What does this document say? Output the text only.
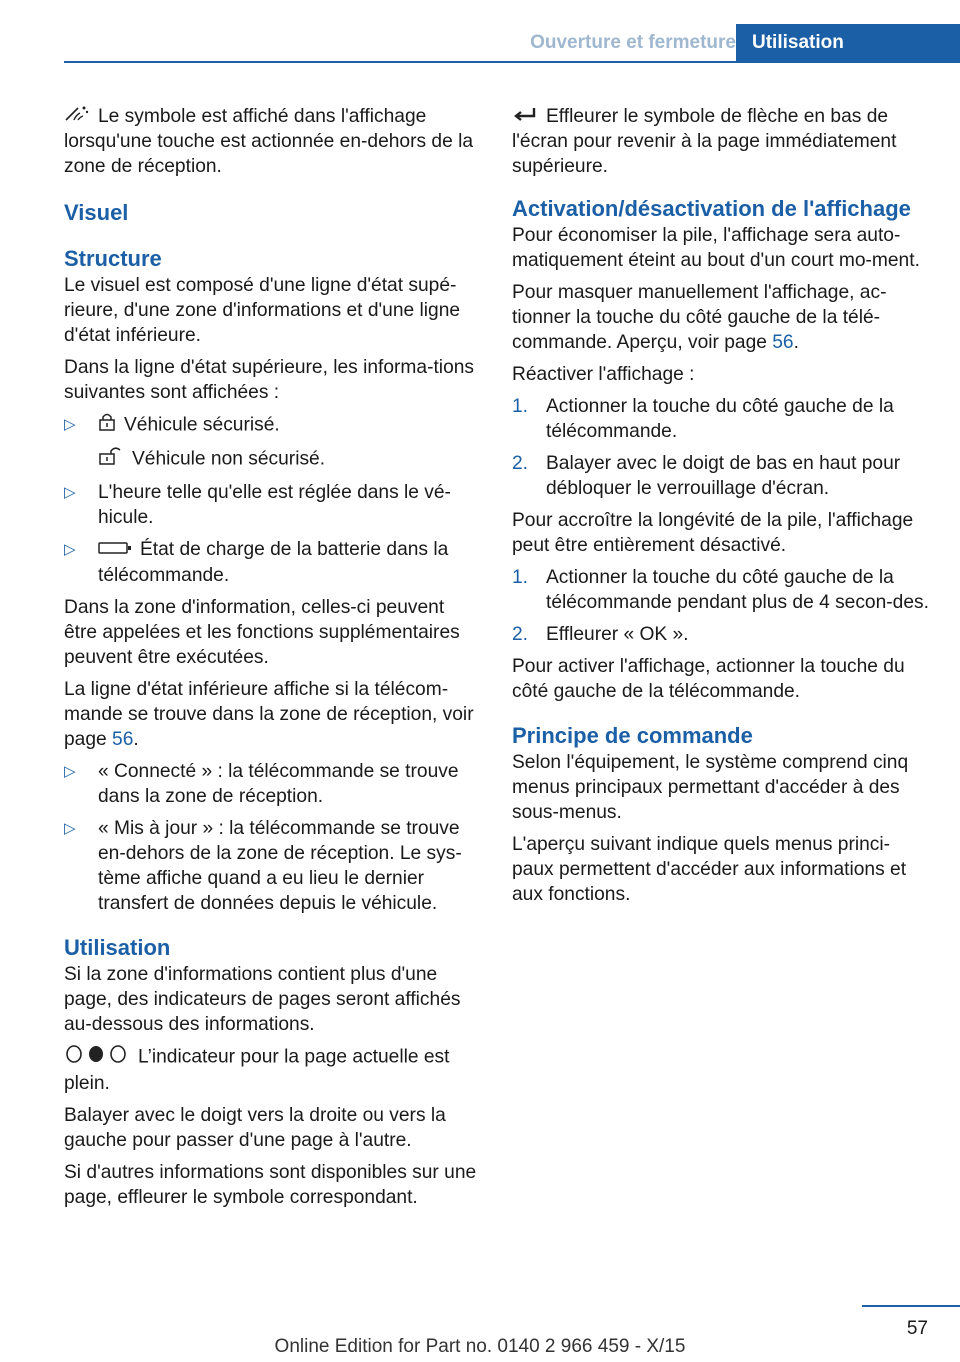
Ouverture et fermeture Utilisation

Le symbole est affiché dans l'affichage lorsqu'une touche est actionnée en-dehors de la zone de réception.

Visuel
Structure

Le visuel est composé d'une ligne d'état supé-rieure, d'une zone d'informations et d'une ligne d'état inférieure.

Dans la ligne d'état supérieure, les informa-tions suivantes sont affichées :

▷	Véhicule sécurisé.
Véhicule non sécurisé.
▷ L'heure telle qu'elle est réglée dans le vé-hicule.
▷	État de charge de la batterie dans la télécommande.

Dans la zone d'information, celles-ci peuvent être appelées et les fonctions supplémentaires peuvent être exécutées.

La ligne d'état inférieure affiche si la télécom-mande se trouve dans la zone de réception, voir page 56.

▷ « Connecté » : la télécommande se trouve dans la zone de réception.
▷ « Mis à jour » : la télécommande se trouve en-dehors de la zone de réception. Le sys-tème affiche quand a eu lieu le dernier transfert de données depuis le véhicule.
Utilisation

Si la zone d'informations contient plus d'une page, des indicateurs de pages seront affichés au-dessous des informations.

L’indicateur pour la page actuelle est plein.

Balayer avec le doigt vers la droite ou vers la gauche pour passer d'une page à l'autre.

Si d'autres informations sont disponibles sur une page, effleurer le symbole correspondant.

Effleurer le symbole de flèche en bas de l'écran pour revenir à la page immédiatement supérieure.

Activation/désactivation de l'affichage

Pour économiser la pile, l'affichage sera auto-matiquement éteint au bout d'un court mo-ment.

Pour masquer manuellement l'affichage, ac-tionner la touche du côté gauche de la télé-commande. Aperçu, voir page 56.

Réactiver l'affichage :

1. Actionner la touche du côté gauche de la télécommande.
2. Balayer avec le doigt de bas en haut pour débloquer le verrouillage d'écran.

Pour accroître la longévité de la pile, l'affichage peut être entièrement désactivé.

1. Actionner la touche du côté gauche de la télécommande pendant plus de 4 secon-des.
2. Effleurer « OK ».

Pour activer l'affichage, actionner la touche du côté gauche de la télécommande.

Principe de commande

Selon l'équipement, le système comprend cinq menus principaux permettant d'accéder à des sous-menus.

L'aperçu suivant indique quels menus princi-paux permettent d'accéder aux informations et aux fonctions.

57
Online Edition for Part no. 0140 2 966 459 - X/15
